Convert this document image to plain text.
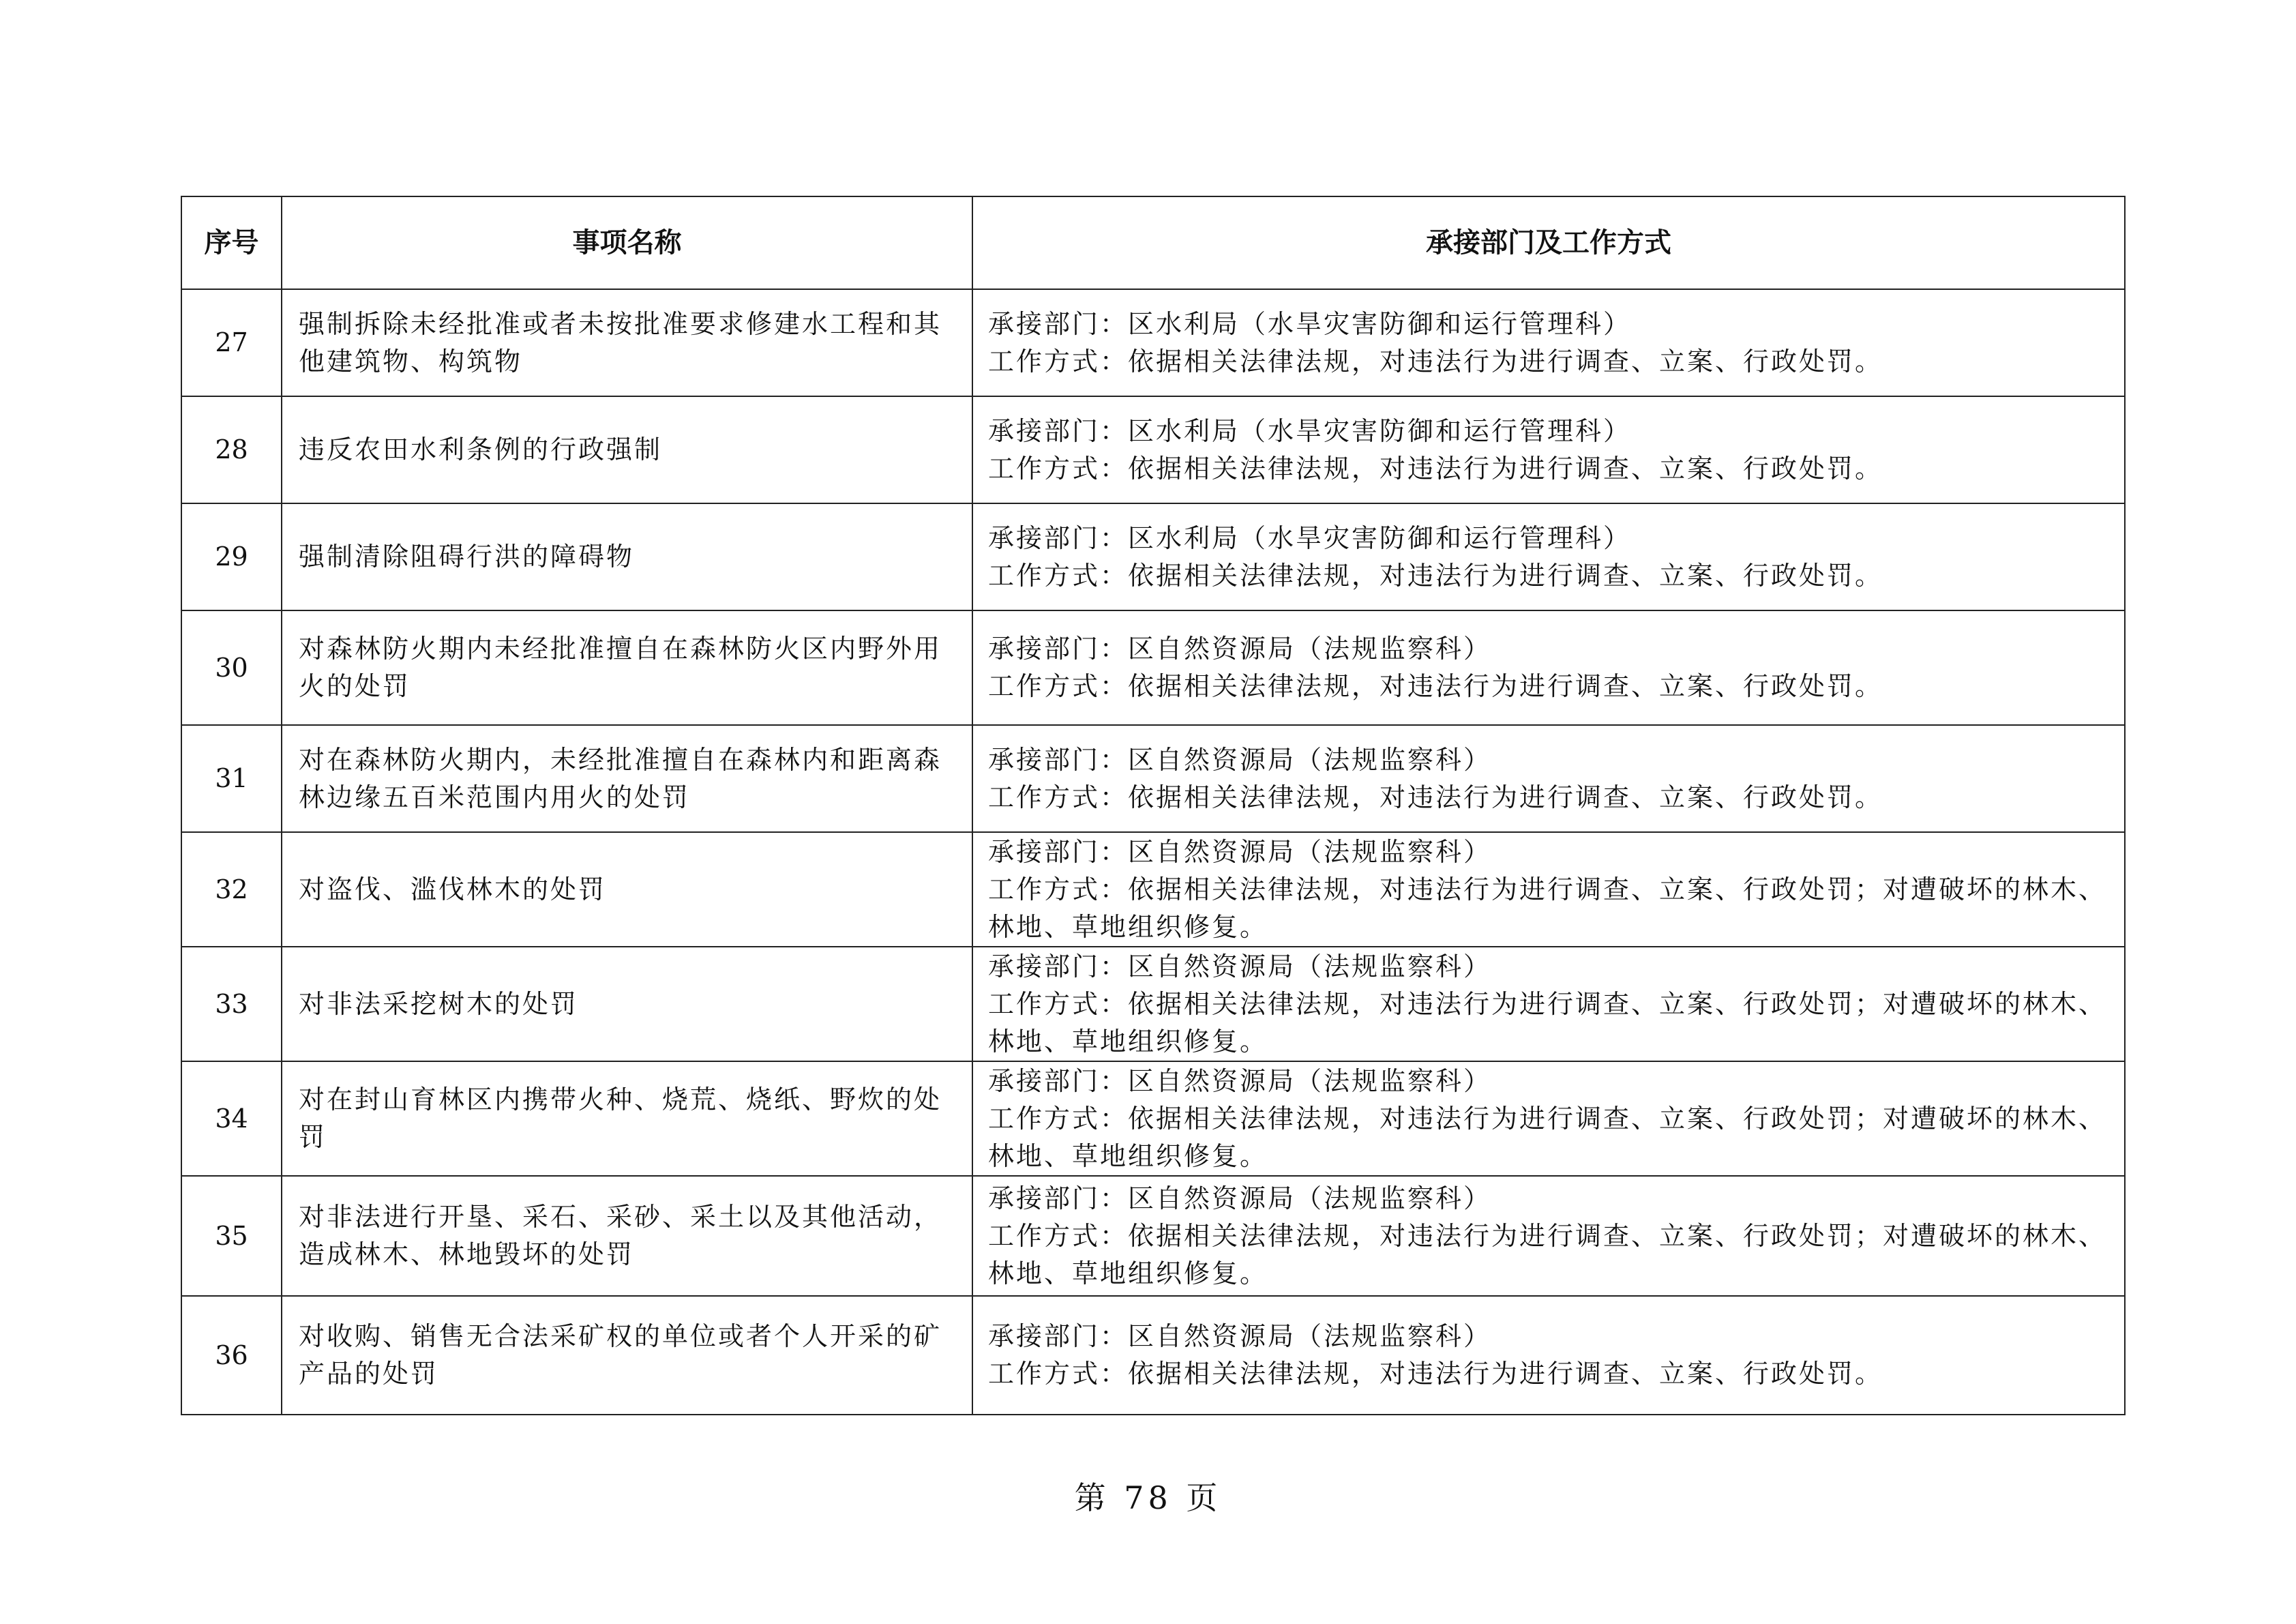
序号	事项名称	承接部门及工作方式
27	强制拆除未经批准或者未按批准要求修建水工程和其他建筑物、构筑物	承接部门：区水利局（水旱灾害防御和运行管理科）
工作方式：依据相关法律法规，对违法行为进行调查、立案、行政处罚。

28	违反农田水利条例的行政强制	承接部门：区水利局（水旱灾害防御和运行管理科）
工作方式：依据相关法律法规，对违法行为进行调查、立案、行政处罚。

29	强制清除阻碍行洪的障碍物	承接部门：区水利局（水旱灾害防御和运行管理科）
工作方式：依据相关法律法规，对违法行为进行调查、立案、行政处罚。

30	对森林防火期内未经批准擅自在森林防火区内野外用火的处罚	承接部门：区自然资源局（法规监察科）
工作方式：依据相关法律法规，对违法行为进行调查、立案、行政处罚。

31	对在森林防火期内，未经批准擅自在森林内和距离森林边缘五百米范围内用火的处罚	承接部门：区自然资源局（法规监察科）
工作方式：依据相关法律法规，对违法行为进行调查、立案、行政处罚。

32	对盗伐、滥伐林木的处罚	承接部门：区自然资源局（法规监察科）
工作方式：依据相关法律法规，对违法行为进行调查、立案、行政处罚；对遭破坏的林木、林地、草地组织修复。

33	对非法采挖树木的处罚	承接部门：区自然资源局（法规监察科）
工作方式：依据相关法律法规，对违法行为进行调查、立案、行政处罚；对遭破坏的林木、林地、草地组织修复。

34	对在封山育林区内携带火种、烧荒、烧纸、野炊的处罚	承接部门：区自然资源局（法规监察科）
工作方式：依据相关法律法规，对违法行为进行调查、立案、行政处罚；对遭破坏的林木、林地、草地组织修复。

35	对非法进行开垦、采石、采砂、采土以及其他活动，造成林木、林地毁坏的处罚	承接部门：区自然资源局（法规监察科）
工作方式：依据相关法律法规，对违法行为进行调查、立案、行政处罚；对遭破坏的林木、林地、草地组织修复。

36	对收购、销售无合法采矿权的单位或者个人开采的矿产品的处罚	承接部门：区自然资源局（法规监察科）
工作方式：依据相关法律法规，对违法行为进行调查、立案、行政处罚。
第 78 页
